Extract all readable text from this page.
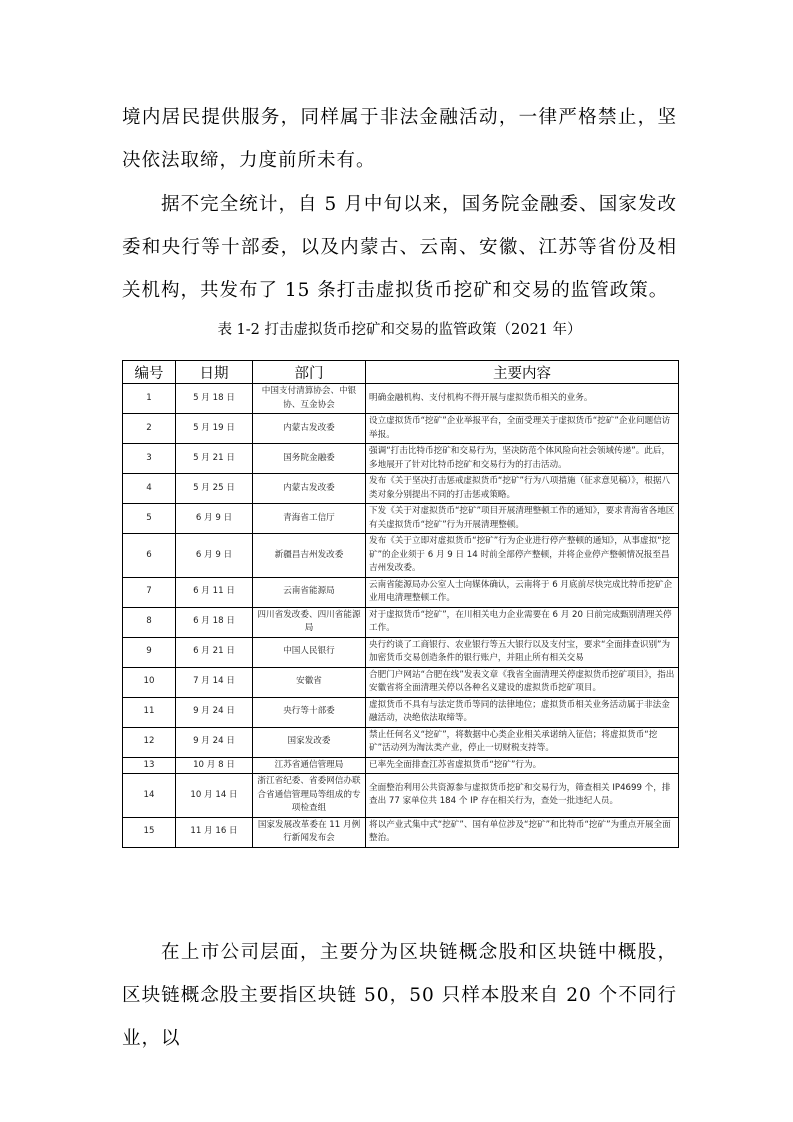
境内居民提供服务，同样属于非法金融活动，一律严格禁止，坚决依法取缔，力度前所未有。

据不完全统计，自 5 月中旬以来，国务院金融委、国家发改委和央行等十部委，以及内蒙古、云南、安徽、江苏等省份及相关机构，共发布了 15 条打击虚拟货币挖矿和交易的监管政策。

表 1-2 打击虚拟货币挖矿和交易的监管政策（2021 年）

编号	日期	部门	主要内容
1	5 月 18 日	中国支付清算协会、中银协、互金协会	明确金融机构、支付机构不得开展与虚拟货币相关的业务。
2	5 月 19 日	内蒙古发改委	设立虚拟货币“挖矿”企业举报平台，全面受理关于虚拟货币“挖矿”企业问题信访举报。
3	5 月 21 日	国务院金融委	强调“打击比特币挖矿和交易行为，坚决防范个体风险向社会领域传递”。此后，多地展开了针对比特币挖矿和交易行为的打击活动。
4	5 月 25 日	内蒙古发改委	发布《关于坚决打击惩戒虚拟货币“挖矿”行为八项措施（征求意见稿）》，根据八类对象分别提出不同的打击惩戒策略。
5	6 月 9 日	青海省工信厅	下发《关于对虚拟货币“挖矿”项目开展清理整顿工作的通知》，要求青海省各地区有关虚拟货币“挖矿”行为开展清理整顿。
6	6 月 9 日	新疆昌吉州发改委	发布《关于立即对虚拟货币“挖矿”行为企业进行停产整顿的通知》，从事虚拟“挖矿”的企业须于 6 月 9 日 14 时前全部停产整顿，并将企业停产整顿情况报至昌吉州发改委。
7	6 月 11 日	云南省能源局	云南省能源局办公室人士向媒体确认，云南将于 6 月底前尽快完成比特币挖矿企业用电清理整顿工作。
8	6 月 18 日	四川省发改委、四川省能源局	对于虚拟货币“挖矿”，在川相关电力企业需要在 6 月 20 日前完成甄别清理关停工作。
9	6 月 21 日	中国人民银行	央行约谈了工商银行、农业银行等五大银行以及支付宝，要求“全面排查识别”为加密货币交易创造条件的银行账户，并阻止所有相关交易
10	7 月 14 日	安徽省	合肥门户网站“合肥在线”发表文章《我省全面清理关停虚拟货币挖矿项目》，指出安徽省将全面清理关停以各种名义建设的虚拟货币挖矿项目。
11	9 月 24 日	央行等十部委	虚拟货币不具有与法定货币等同的法律地位；虚拟货币相关业务活动属于非法金融活动，决绝依法取缔等。
12	9 月 24 日	国家发改委	禁止任何名义“挖矿”，将数据中心类企业相关承诺纳入征信；将虚拟货币“挖矿”活动列为淘汰类产业，停止一切财税支持等。
13	10 月 8 日	江苏省通信管理局	已率先全面排查江苏省虚拟货币“挖矿”行为。
14	10 月 14 日	浙江省纪委、省委网信办联合省通信管理局等组成的专项检查组	全面整治利用公共资源参与虚拟货币挖矿和交易行为，筛查相关 IP4699 个，排查出 77 家单位共 184 个 IP 存在相关行为，查处一批违纪人员。
15	11 月 16 日	国家发展改革委在 11 月例行新闻发布会	将以产业式集中式“挖矿”、国有单位涉及“挖矿”和比特币“挖矿”为重点开展全面整治。

在上市公司层面，主要分为区块链概念股和区块链中概股，区块链概念股主要指区块链 50，50 只样本股来自 20 个不同行业，以
